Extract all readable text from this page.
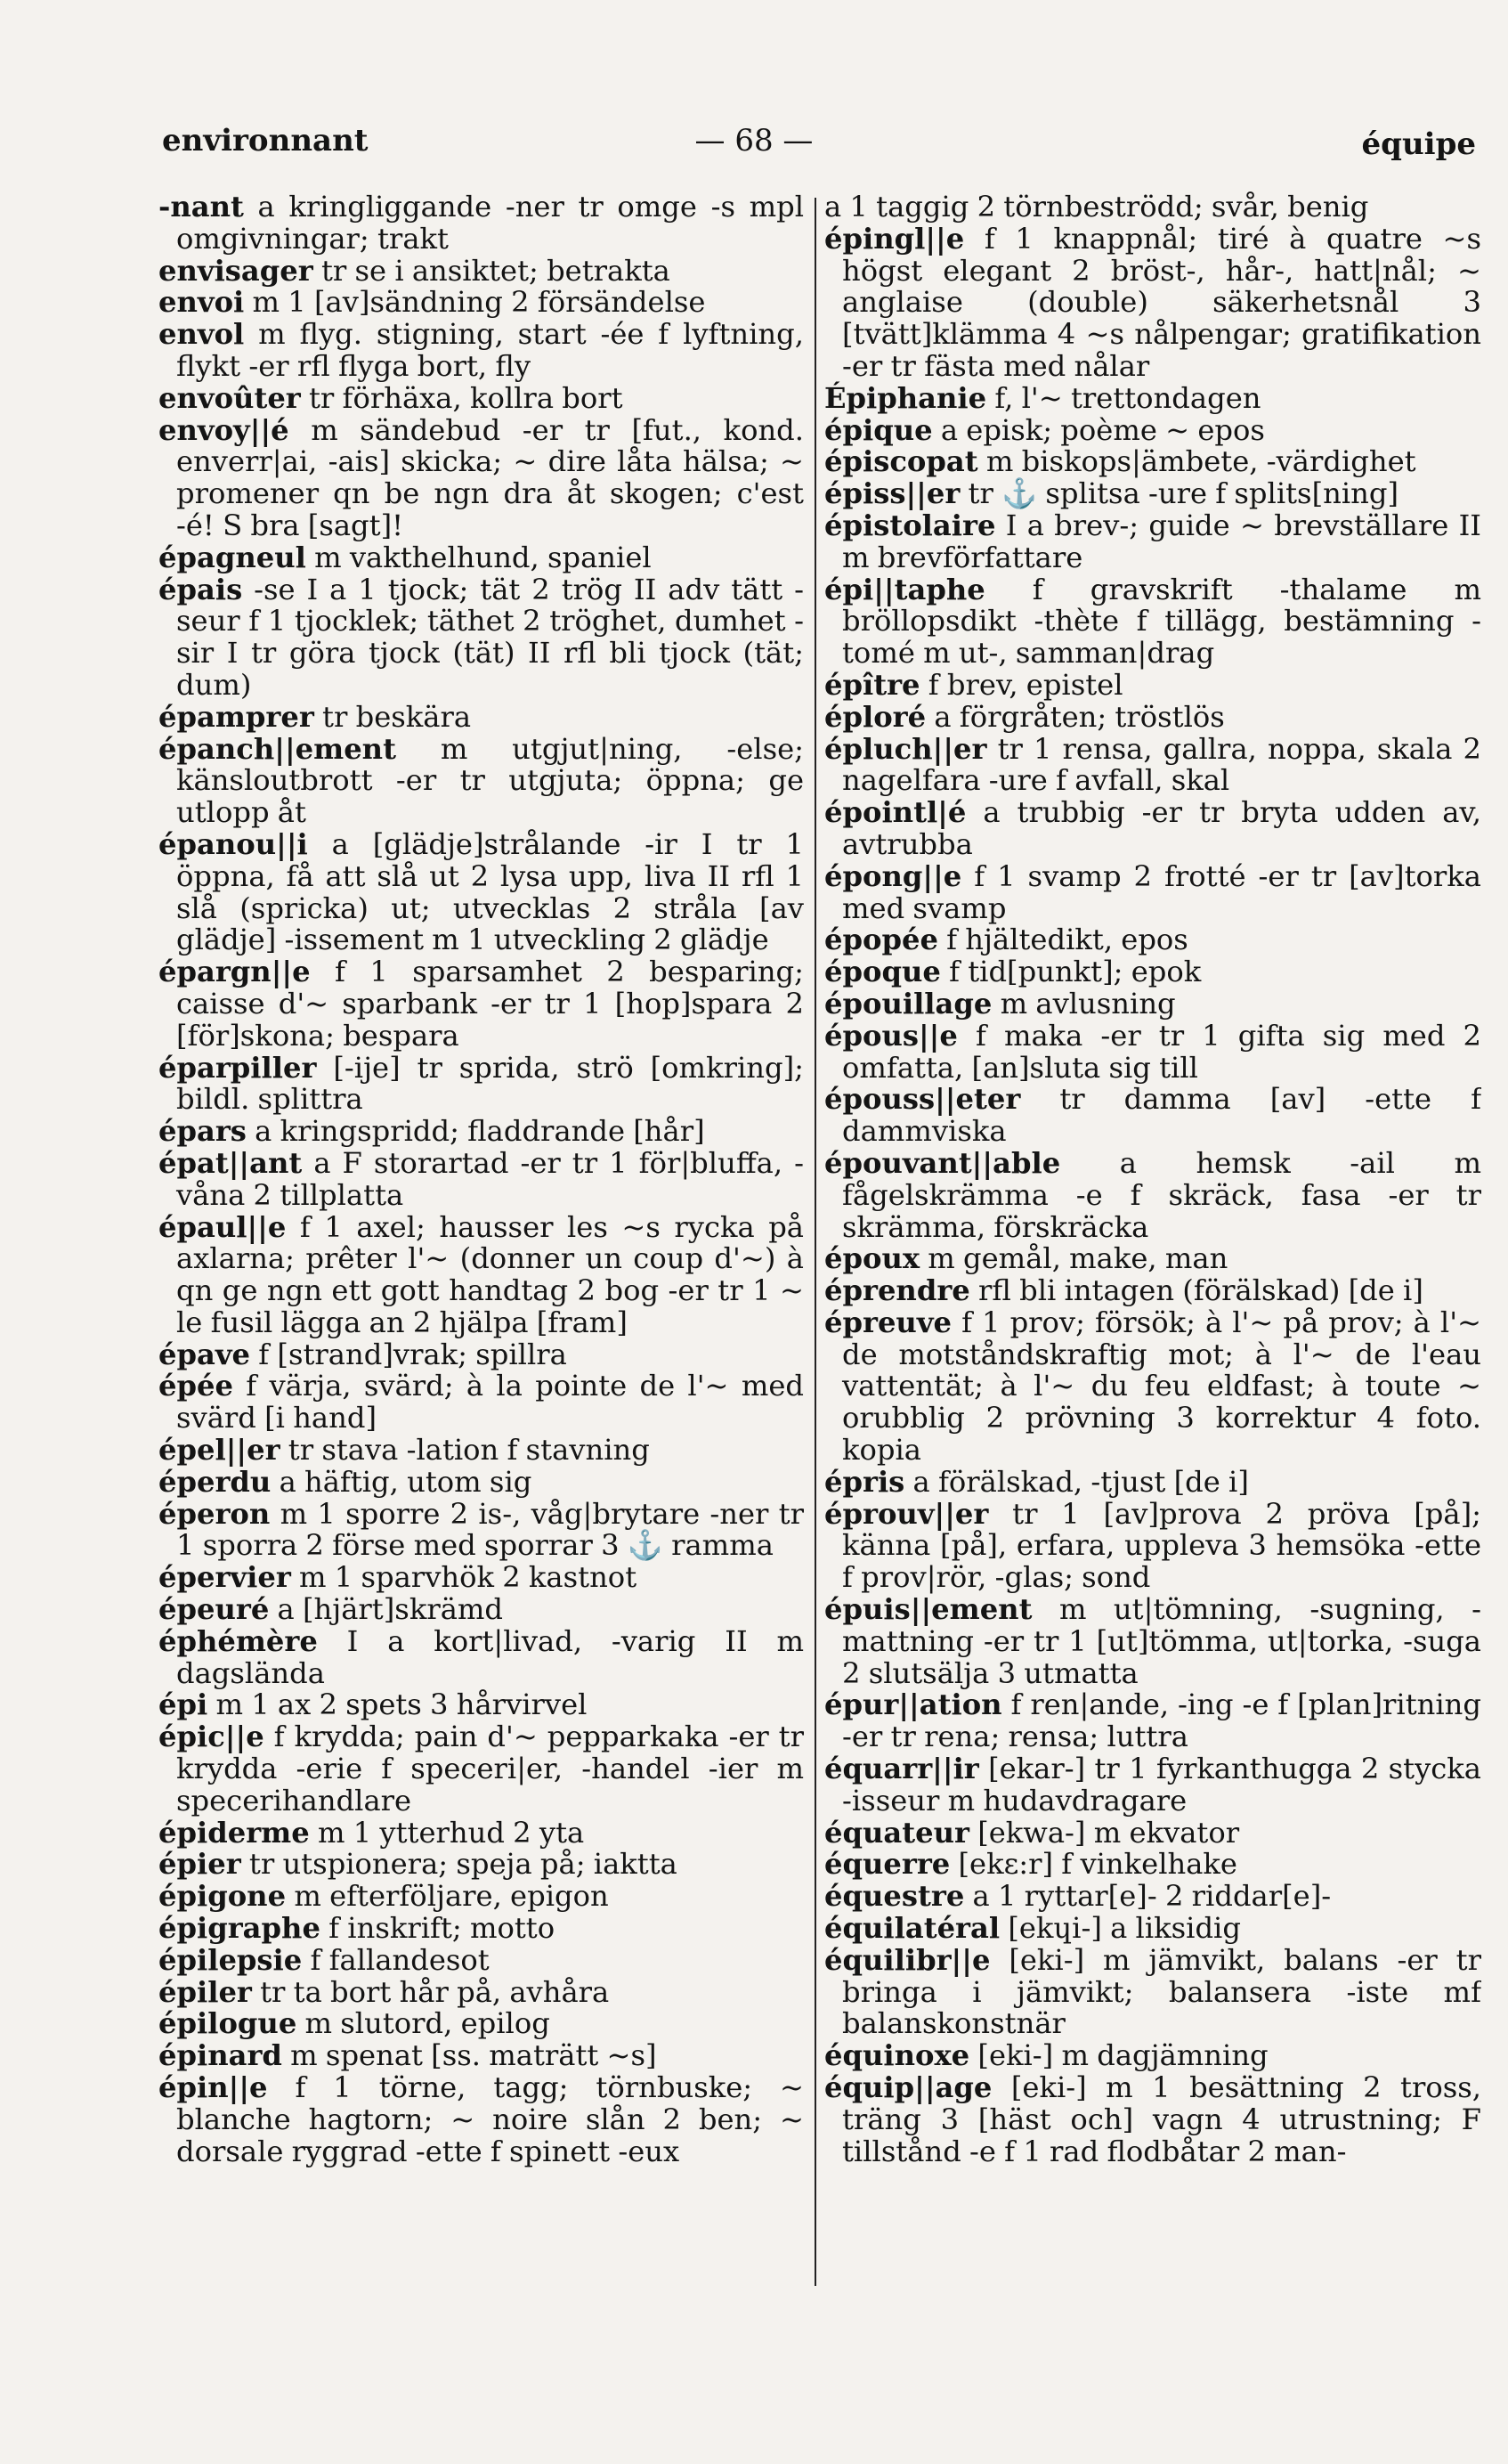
environnant	— 68 —	équipe

-nant a kringliggande -ner tr omge -s mpl omgivningar; trakt

envisager tr se i ansiktet; betrakta

envoi m 1 [av]sändning 2 försändelse

envol m flyg. stigning, start -ée f lyftning, flykt -er rfl flyga bort, fly

envoûter tr förhäxa, kollra bort

envoy||é m sändebud -er tr [fut., kond. enverr|ai, -ais] skicka; ~ dire låta hälsa; ~ promener qn be ngn dra åt skogen; c'est -é! S bra [sagt]!

épagneul m vakthelhund, spaniel

épais -se I a 1 tjock; tät 2 trög II adv tätt -seur f 1 tjocklek; täthet 2 tröghet, dumhet -sir I tr göra tjock (tät) II rfl bli tjock (tät; dum)

épamprer tr beskära

épanch||ement m utgjut|ning, -else; känsloutbrott -er tr utgjuta; öppna; ge utlopp åt

épanou||i a [glädje]strålande -ir I tr 1 öppna, få att slå ut 2 lysa upp, liva II rfl 1 slå (spricka) ut; utvecklas 2 stråla [av glädje] -issement m 1 utveckling 2 glädje

épargn||e f 1 sparsamhet 2 besparing; caisse d'~ sparbank -er tr 1 [hop]spara 2 [för]skona; bespara

éparpiller [-ije] tr sprida, strö [omkring]; bildl. splittra

épars a kringspridd; fladdrande [hår]

épat||ant a F storartad -er tr 1 för|bluffa, -våna 2 tillplatta

épaul||e f 1 axel; hausser les ~s rycka på axlarna; prêter l'~ (donner un coup d'~) à qn ge ngn ett gott handtag 2 bog -er tr 1 ~ le fusil lägga an 2 hjälpa [fram]

épave f [strand]vrak; spillra

épée f värja, svärd; à la pointe de l'~ med svärd [i hand]

épel||er tr stava -lation f stavning

éperdu a häftig, utom sig

éperon m 1 sporre 2 is-, våg|brytare -ner tr 1 sporra 2 förse med sporrar 3 ⚓ ramma

épervier m 1 sparvhök 2 kastnot

épeuré a [hjärt]skrämd

éphémère I a kort|livad, -varig II m dagslända

épi m 1 ax 2 spets 3 hårvirvel

épic||e f krydda; pain d'~ pepparkaka -er tr krydda -erie f speceri|er, -handel -ier m specerihandlare

épiderme m 1 ytterhud 2 yta

épier tr utspionera; speja på; iaktta

épigone m efterföljare, epigon

épigraphe f inskrift; motto

épilepsie f fallandesot

épiler tr ta bort hår på, avhåra

épilogue m slutord, epilog

épinard m spenat [ss. maträtt ~s]

épin||e f 1 törne, tagg; törnbuske; ~ blanche hagtorn; ~ noire slån 2 ben; ~ dorsale ryggrad -ette f spinett -eux

a 1 taggig 2 törnbeströdd; svår, benig

épingl||e f 1 knappnål; tiré à quatre ~s högst elegant 2 bröst-, hår-, hatt|nål; ~ anglaise (double) säkerhetsnål 3 [tvätt]klämma 4 ~s nålpengar; gratifikation -er tr fästa med nålar

Épiphanie f, l'~ trettondagen

épique a episk; poème ~ epos

épiscopat m biskops|ämbete, -värdighet

épiss||er tr ⚓ splitsa -ure f splits[ning]

épistolaire I a brev-; guide ~ brevställare II m brevförfattare

épi||taphe f gravskrift -thalame m bröllopsdikt -thète f tillägg, bestämning -tomé m ut-, samman|drag

épître f brev, epistel

éploré a förgråten; tröstlös

épluch||er tr 1 rensa, gallra, noppa, skala 2 nagelfara -ure f avfall, skal

épointl|é a trubbig -er tr bryta udden av, avtrubba

épong||e f 1 svamp 2 frotté -er tr [av]torka med svamp

épopée f hjältedikt, epos

époque f tid[punkt]; epok

épouillage m avlusning

épous||e f maka -er tr 1 gifta sig med 2 omfatta, [an]sluta sig till

épouss||eter tr damma [av] -ette f dammviska

épouvant||able a hemsk -ail m fågelskrämma -e f skräck, fasa -er tr skrämma, förskräcka

époux m gemål, make, man

éprendre rfl bli intagen (förälskad) [de i]

épreuve f 1 prov; försök; à l'~ på prov; à l'~ de motståndskraftig mot; à l'~ de l'eau vattentät; à l'~ du feu eldfast; à toute ~ orubblig 2 prövning 3 korrektur 4 foto. kopia

épris a förälskad, -tjust [de i]

éprouv||er tr 1 [av]prova 2 pröva [på]; känna [på], erfara, uppleva 3 hemsöka -ette f prov|rör, -glas; sond

épuis||ement m ut|tömning, -sugning, -mattning -er tr 1 [ut]tömma, ut|torka, -suga 2 slutsälja 3 utmatta

épur||ation f ren|ande, -ing -e f [plan]ritning -er tr rena; rensa; luttra

équarr||ir [ekar-] tr 1 fyrkanthugga 2 stycka -isseur m hudavdragare

équateur [ekwa-] m ekvator

équerre [ekɛ:r] f vinkelhake

équestre a 1 ryttar[e]- 2 riddar[e]-

équilatéral [ekɥi-] a liksidig

équilibr||e [eki-] m jämvikt, balans -er tr bringa i jämvikt; balansera -iste mf balanskonstnär

équinoxe [eki-] m dagjämning

équip||age [eki-] m 1 besättning 2 tross, träng 3 [häst och] vagn 4 utrustning; F tillstånd -e f 1 rad flodbåtar 2 man-
